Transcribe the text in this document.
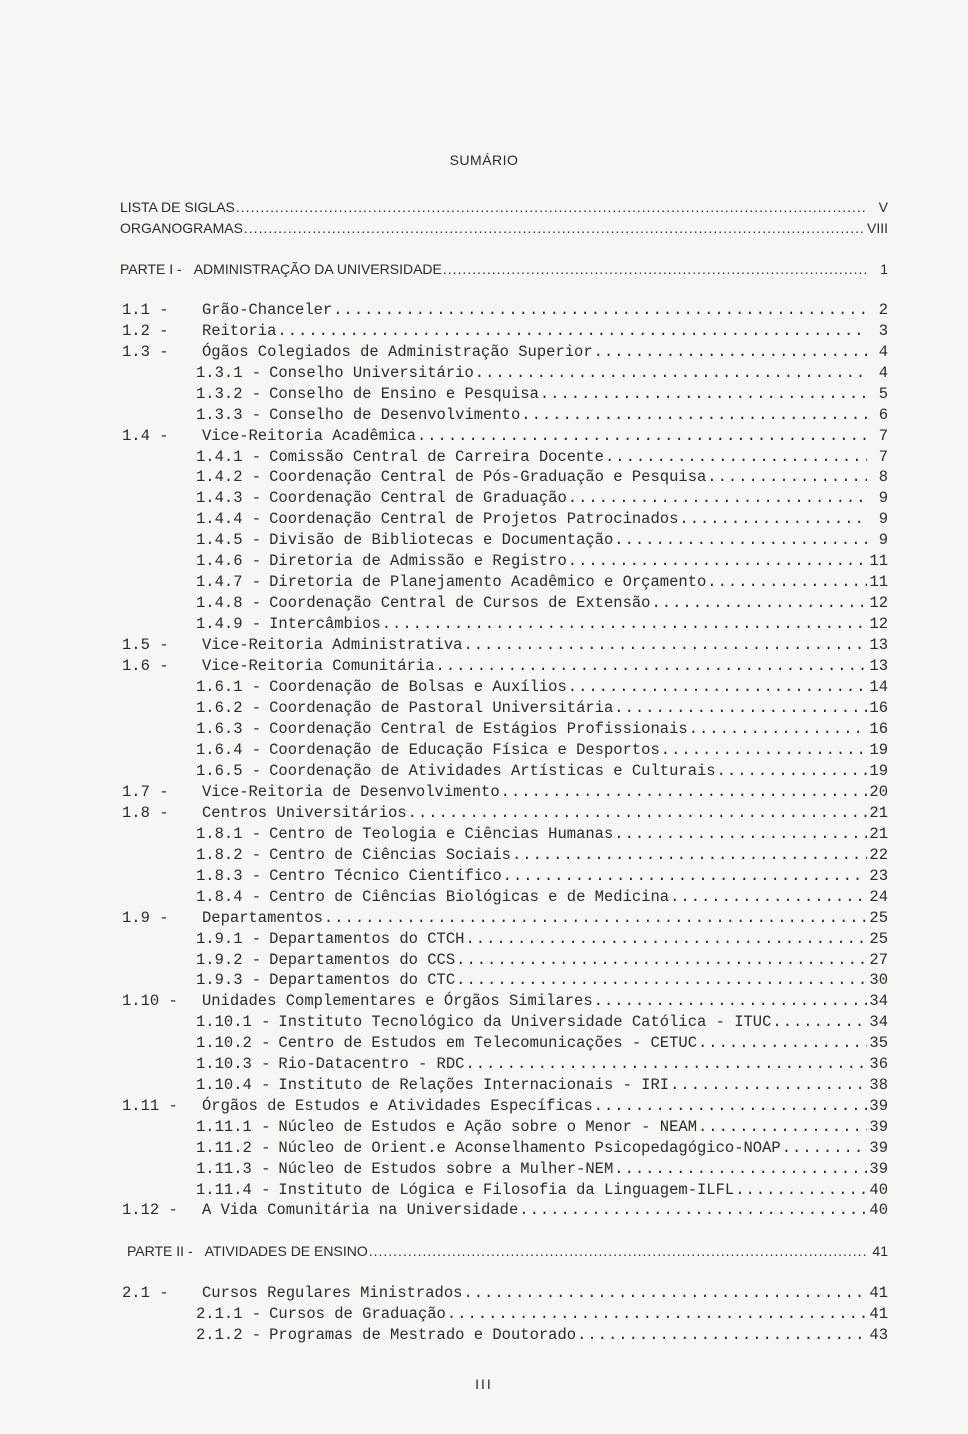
SUMÁRIO
LISTA DE SIGLAS .....	V
ORGANOGRAMAS .....	VIII
PARTE I - ADMINISTRAÇÃO DA UNIVERSIDADE .....	1
1.1 -	Grão-Chanceler .....	2
1.2 -	Reitoria .....	3
1.3 -	Ógãos Colegiados de Administração Superior .....	4
1.3.1 - Conselho Universitário .....	4
1.3.2 - Conselho de Ensino e Pesquisa .....	5
1.3.3 - Conselho de Desenvolvimento .....	6
1.4 -	Vice-Reitoria Acadêmica .....	7
1.4.1 - Comissão Central de Carreira Docente .....	7
1.4.2 - Coordenação Central de Pós-Graduação e Pesquisa .....	8
1.4.3 - Coordenação Central de Graduação .....	9
1.4.4 - Coordenação Central de Projetos Patrocinados .....	9
1.4.5 - Divisão de Bibliotecas e Documentação .....	9
1.4.6 - Diretoria de Admissão e Registro .....	11
1.4.7 - Diretoria de Planejamento Acadêmico e Orçamento .....	11
1.4.8 - Coordenação Central de Cursos de Extensão .....	12
1.4.9 - Intercâmbios .....	12
1.5 -	Vice-Reitoria Administrativa .....	13
1.6 -	Vice-Reitoria Comunitária .....	13
1.6.1 - Coordenação de Bolsas e Auxílios .....	14
1.6.2 - Coordenação de Pastoral Universitária .....	16
1.6.3 - Coordenação Central de Estágios Profissionais .....	16
1.6.4 - Coordenação de Educação Física e Desportos .....	19
1.6.5 - Coordenação de Atividades Artísticas e Culturais .....	19
1.7 -	Vice-Reitoria de Desenvolvimento .....	20
1.8 -	Centros Universitários .....	21
1.8.1 - Centro de Teologia e Ciências Humanas .....	21
1.8.2 - Centro de Ciências Sociais .....	22
1.8.3 - Centro Técnico Científico .....	23
1.8.4 - Centro de Ciências Biológicas e de Medicina .....	24
1.9 -	Departamentos .....	25
1.9.1 - Departamentos do CTCH .....	25
1.9.2 - Departamentos do CCS .....	27
1.9.3 - Departamentos do CTC .....	30
1.10 -	Unidades Complementares e Órgãos Similares .....	34
1.10.1 - Instituto Tecnológico da Universidade Católica - ITUC .....	34
1.10.2 - Centro de Estudos em Telecomunicações - CETUC .....	35
1.10.3 - Rio-Datacentro - RDC .....	36
1.10.4 - Instituto de Relações Internacionais - IRI .....	38
1.11 -	Órgãos de Estudos e Atividades Específicas .....	39
1.11.1 - Núcleo de Estudos e Ação sobre o Menor - NEAM .....	39
1.11.2 - Núcleo de Orient.e Aconselhamento Psicopedagógico-NOAP .....	39
1.11.3 - Núcleo de Estudos sobre a Mulher-NEM .....	39
1.11.4 - Instituto de Lógica e Filosofia da Linguagem-ILFL .....	40
1.12 -	A Vida Comunitária na Universidade .....	40
PARTE II - ATIVIDADES DE ENSINO .....	41
2.1 -	Cursos Regulares Ministrados .....	41
2.1.1 - Cursos de Graduação .....	41
2.1.2 - Programas de Mestrado e Doutorado .....	43
III
